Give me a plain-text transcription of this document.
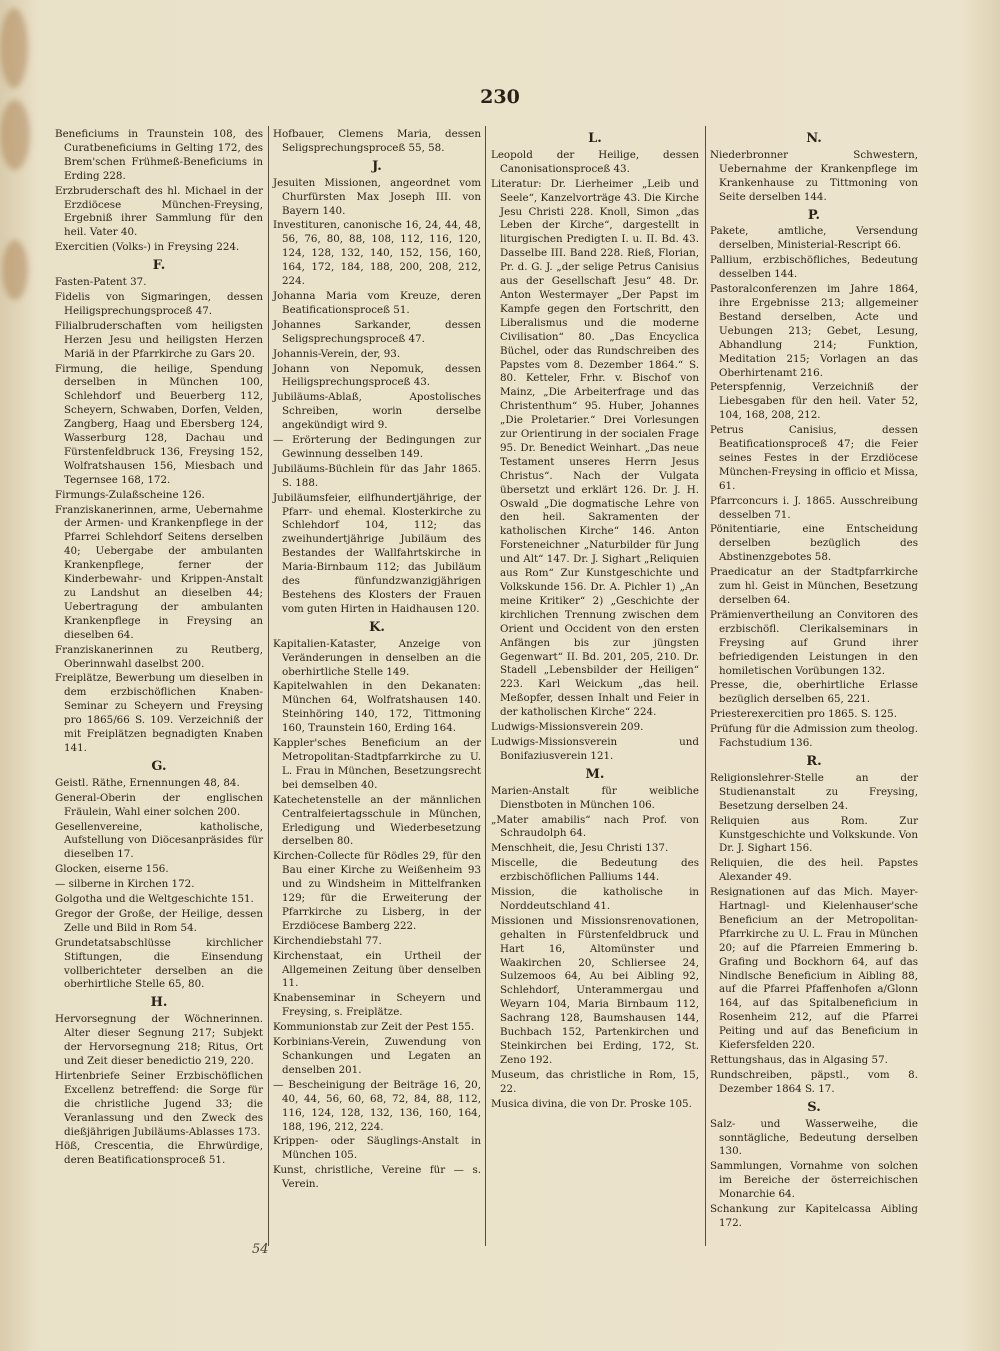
230

Beneficiums in Traunstein 108, des Curatbeneficiums in Gelting 172, des Brem'schen Frühmeß-Beneficiums in Erding 228.

Erzbruderschaft des hl. Michael in der Erzdiöcese München-Freysing, Ergebniß ihrer Sammlung für den heil. Vater 40.

Exercitien (Volks-) in Freysing 224.

F.

Fasten-Patent 37.

Fidelis von Sigmaringen, dessen Heiligsprechungsproceß 47.

Filialbruderschaften vom heiligsten Herzen Jesu und heiligsten Herzen Mariä in der Pfarrkirche zu Gars 20.

Firmung, die heilige, Spendung derselben in München 100, Schlehdorf und Beuerberg 112, Scheyern, Schwaben, Dorfen, Velden, Zangberg, Haag und Ebersberg 124, Wasserburg 128, Dachau und Fürstenfeldbruck 136, Freysing 152, Wolfratshausen 156, Miesbach und Tegernsee 168, 172.

Firmungs-Zulaßscheine 126.

Franziskanerinnen, arme, Uebernahme der Armen- und Krankenpflege in der Pfarrei Schlehdorf Seitens derselben 40; Uebergabe der ambulanten Krankenpflege, ferner der Kinderbewahr- und Krippen-Anstalt zu Landshut an dieselben 44; Uebertragung der ambulanten Krankenpflege in Freysing an dieselben 64.

Franziskanerinnen zu Reutberg, Oberinnwahl daselbst 200.

Freiplätze, Bewerbung um dieselben in dem erzbischöflichen Knaben-Seminar zu Scheyern und Freysing pro 1865/66 S. 109. Verzeichniß der mit Freiplätzen begnadigten Knaben 141.

G.

Geistl. Räthe, Ernennungen 48, 84.

General-Oberin der englischen Fräulein, Wahl einer solchen 200.

Gesellenvereine, katholische, Aufstellung von Diöcesanpräsides für dieselben 17.

Glocken, eiserne 156.

— silberne in Kirchen 172.

Golgotha und die Weltgeschichte 151.

Gregor der Große, der Heilige, dessen Zelle und Bild in Rom 54.

Grundetatsabschlüsse kirchlicher Stiftungen, die Einsendung vollberichteter derselben an die oberhirtliche Stelle 65, 80.

H.

Hervorsegnung der Wöchnerinnen. Alter dieser Segnung 217; Subjekt der Hervorsegnung 218; Ritus, Ort und Zeit dieser benedictio 219, 220.

Hirtenbriefe Seiner Erzbischöflichen Excellenz betreffend: die Sorge für die christliche Jugend 33; die Veranlassung und den Zweck des dießjährigen Jubiläums-Ablasses 173.

Höß, Crescentia, die Ehrwürdige, deren Beatificationsproceß 51.

Hofbauer, Clemens Maria, dessen Seligsprechungsproceß 55, 58.

J.

Jesuiten Missionen, angeordnet vom Churfürsten Max Joseph III. von Bayern 140.

Investituren, canonische 16, 24, 44, 48, 56, 76, 80, 88, 108, 112, 116, 120, 124, 128, 132, 140, 152, 156, 160, 164, 172, 184, 188, 200, 208, 212, 224.

Johanna Maria vom Kreuze, deren Beatificationsproceß 51.

Johannes Sarkander, dessen Seligsprechungsproceß 47.

Johannis-Verein, der, 93.

Johann von Nepomuk, dessen Heiligsprechungsproceß 43.

Jubiläums-Ablaß, Apostolisches Schreiben, worin derselbe angekündigt wird 9.

— Erörterung der Bedingungen zur Gewinnung desselben 149.

Jubiläums-Büchlein für das Jahr 1865. S. 188.

Jubiläumsfeier, eilfhundertjährige, der Pfarr- und ehemal. Klosterkirche zu Schlehdorf 104, 112; das zweihundertjährige Jubiläum des Bestandes der Wallfahrtskirche in Maria-Birnbaum 112; das Jubiläum des fünfundzwanzigjährigen Bestehens des Klosters der Frauen vom guten Hirten in Haidhausen 120.

K.

Kapitalien-Kataster, Anzeige von Veränderungen in denselben an die oberhirtliche Stelle 149.

Kapitelwahlen in den Dekanaten: München 64, Wolfratshausen 140. Steinhöring 140, 172, Tittmoning 160, Traunstein 160, Erding 164.

Kappler'sches Beneficium an der Metropolitan-Stadtpfarrkirche zu U. L. Frau in München, Besetzungsrecht bei demselben 40.

Katechetenstelle an der männlichen Centralfeiertagsschule in München, Erledigung und Wiederbesetzung derselben 80.

Kirchen-Collecte für Rödles 29, für den Bau einer Kirche zu Weißenheim 93 und zu Windsheim in Mittelfranken 129; für die Erweiterung der Pfarrkirche zu Lisberg, in der Erzdiöcese Bamberg 222.

Kirchendiebstahl 77.

Kirchenstaat, ein Urtheil der Allgemeinen Zeitung über denselben 11.

Knabenseminar in Scheyern und Freysing, s. Freiplätze.

Kommunionstab zur Zeit der Pest 155.

Korbinians-Verein, Zuwendung von Schankungen und Legaten an denselben 201.

— Bescheinigung der Beiträge 16, 20, 40, 44, 56, 60, 68, 72, 84, 88, 112, 116, 124, 128, 132, 136, 160, 164, 188, 196, 212, 224.

Krippen- oder Säuglings-Anstalt in München 105.

Kunst, christliche, Vereine für — s. Verein.

L.

Leopold der Heilige, dessen Canonisationsproceß 43.

Literatur: Dr. Lierheimer „Leib und Seele“, Kanzelvorträge 43. Die Kirche Jesu Christi 228. Knoll, Simon „das Leben der Kirche“, dargestellt in liturgischen Predigten I. u. II. Bd. 43. Dasselbe III. Band 228. Rieß, Florian, Pr. d. G. J. „der selige Petrus Canisius aus der Gesellschaft Jesu“ 48. Dr. Anton Westermayer „Der Papst im Kampfe gegen den Fortschritt, den Liberalismus und die moderne Civilisation“ 80. „Das Encyclica Büchel, oder das Rundschreiben des Papstes vom 8. Dezember 1864.“ S. 80. Ketteler, Frhr. v. Bischof von Mainz, „Die Arbeiterfrage und das Christenthum“ 95. Huber, Johannes „Die Proletarier.“ Drei Vorlesungen zur Orientirung in der socialen Frage 95. Dr. Benedict Weinhart. „Das neue Testament unseres Herrn Jesus Christus“. Nach der Vulgata übersetzt und erklärt 126. Dr. J. H. Oswald „Die dogmatische Lehre von den heil. Sakramenten der katholischen Kirche“ 146. Anton Forsteneichner „Naturbilder für Jung und Alt“ 147. Dr. J. Sighart „Reliquien aus Rom“ Zur Kunstgeschichte und Volkskunde 156. Dr. A. Pichler 1) „An meine Kritiker“ 2) „Geschichte der kirchlichen Trennung zwischen dem Orient und Occident von den ersten Anfängen bis zur jüngsten Gegenwart“ II. Bd. 201, 205, 210. Dr. Stadell „Lebensbilder der Heiligen“ 223. Karl Weickum „das heil. Meßopfer, dessen Inhalt und Feier in der katholischen Kirche“ 224.

Ludwigs-Missionsverein 209.

Ludwigs-Missionsverein und Bonifaziusverein 121.

M.

Marien-Anstalt für weibliche Dienstboten in München 106.

„Mater amabilis“ nach Prof. von Schraudolph 64.

Menschheit, die, Jesu Christi 137.

Miscelle, die Bedeutung des erzbischöflichen Palliums 144.

Mission, die katholische in Norddeutschland 41.

Missionen und Missionsrenovationen, gehalten in Fürstenfeldbruck und Hart 16, Altomünster und Waakirchen 20, Schliersee 24, Sulzemoos 64, Au bei Aibling 92, Schlehdorf, Unterammergau und Weyarn 104, Maria Birnbaum 112, Sachrang 128, Baumshausen 144, Buchbach 152, Partenkirchen und Steinkirchen bei Erding, 172, St. Zeno 192.

Museum, das christliche in Rom, 15, 22.

Musica divina, die von Dr. Proske 105.

N.

Niederbronner Schwestern, Uebernahme der Krankenpflege im Krankenhause zu Tittmoning von Seite derselben 144.

P.

Pakete, amtliche, Versendung derselben, Ministerial-Rescript 66.

Pallium, erzbischöfliches, Bedeutung desselben 144.

Pastoralconferenzen im Jahre 1864, ihre Ergebnisse 213; allgemeiner Bestand derselben, Acte und Uebungen 213; Gebet, Lesung, Abhandlung 214; Funktion, Meditation 215; Vorlagen an das Oberhirtenamt 216.

Peterspfennig, Verzeichniß der Liebesgaben für den heil. Vater 52, 104, 168, 208, 212.

Petrus Canisius, dessen Beatificationsproceß 47; die Feier seines Festes in der Erzdiöcese München-Freysing in officio et Missa, 61.

Pfarrconcurs i. J. 1865. Ausschreibung desselben 71.

Pönitentiarie, eine Entscheidung derselben bezüglich des Abstinenzgebotes 58.

Praedicatur an der Stadtpfarrkirche zum hl. Geist in München, Besetzung derselben 64.

Prämienvertheilung an Convitoren des erzbischöfl. Clerikalseminars in Freysing auf Grund ihrer befriedigenden Leistungen in den homiletischen Vorübungen 132.

Presse, die, oberhirtliche Erlasse bezüglich derselben 65, 221.

Priesterexercitien pro 1865. S. 125.

Prüfung für die Admission zum theolog. Fachstudium 136.

R.

Religionslehrer-Stelle an der Studienanstalt zu Freysing, Besetzung derselben 24.

Reliquien aus Rom. Zur Kunstgeschichte und Volkskunde. Von Dr. J. Sighart 156.

Reliquien, die des heil. Papstes Alexander 49.

Resignationen auf das Mich. Mayer-Hartnagl- und Kielenhauser'sche Beneficium an der Metropolitan-Pfarrkirche zu U. L. Frau in München 20; auf die Pfarreien Emmering b. Grafing und Bockhorn 64, auf das Nindlsche Beneficium in Aibling 88, auf die Pfarrei Pfaffenhofen a/Glonn 164, auf das Spitalbeneficium in Rosenheim 212, auf die Pfarrei Peiting und auf das Beneficium in Kiefersfelden 220.

Rettungshaus, das in Algasing 57.

Rundschreiben, päpstl., vom 8. Dezember 1864 S. 17.

S.

Salz- und Wasserweihe, die sonntägliche, Bedeutung derselben 130.

Sammlungen, Vornahme von solchen im Bereiche der österreichischen Monarchie 64.

Schankung zur Kapitelcassa Aibling 172.

54
